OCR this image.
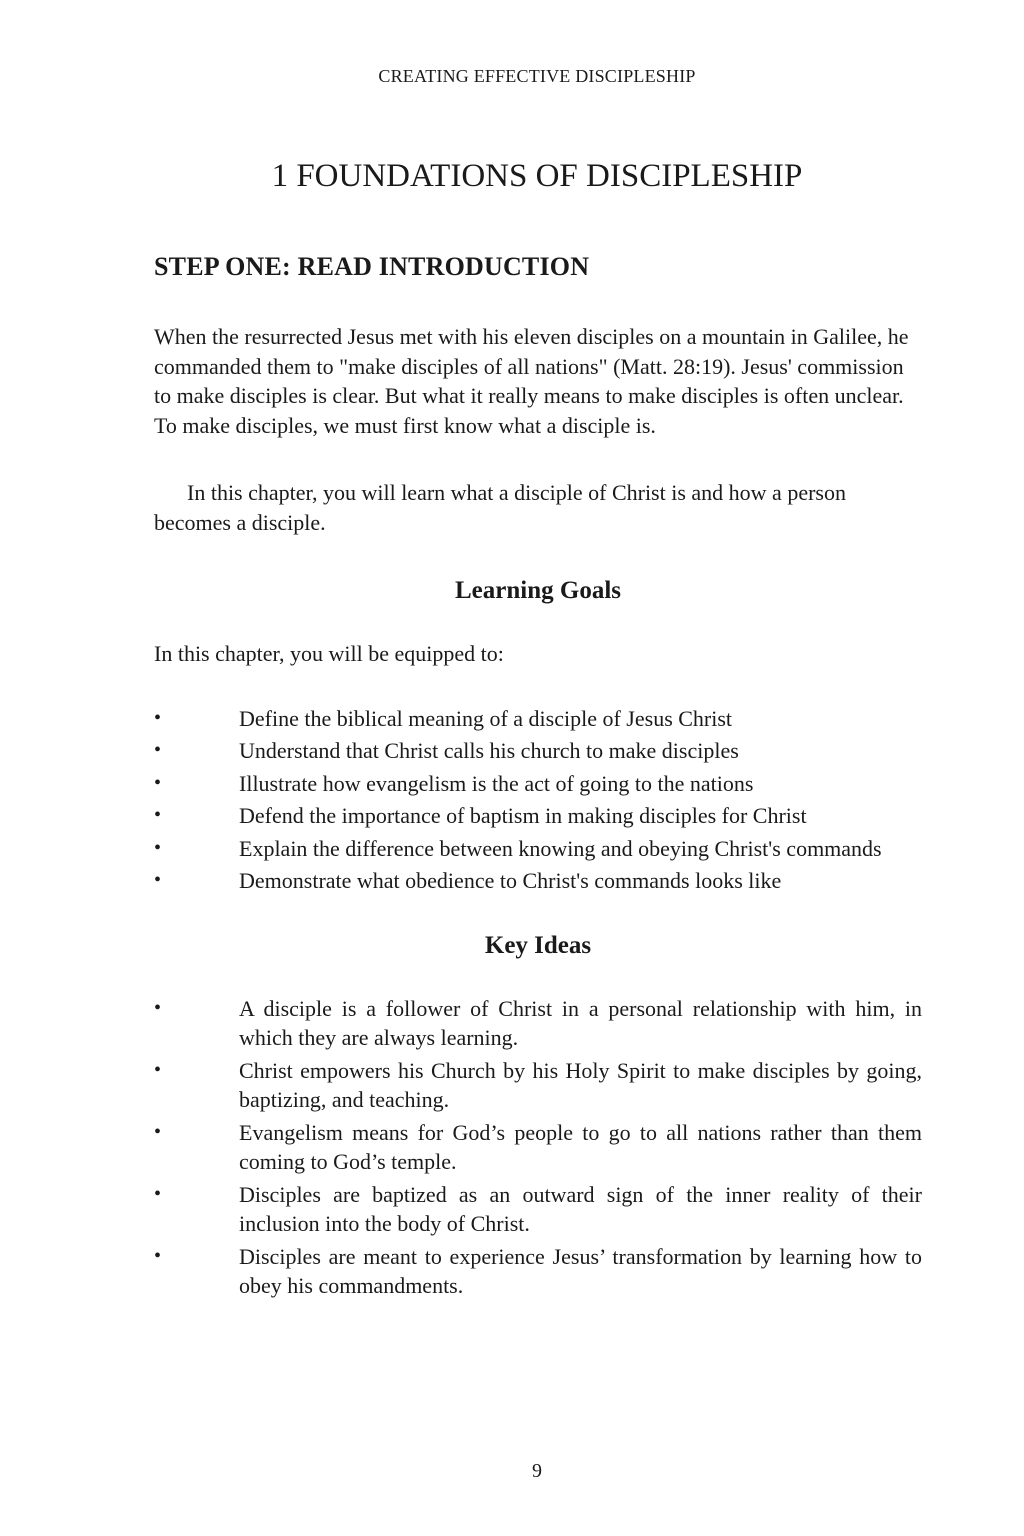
CREATING EFFECTIVE DISCIPLESHIP
1 FOUNDATIONS OF DISCIPLESHIP
STEP ONE: READ INTRODUCTION

When the resurrected Jesus met with his eleven disciples on a mountain in Galilee, he commanded them to "make disciples of all nations" (Matt. 28:19). Jesus' commission to make disciples is clear. But what it really means to make disciples is often unclear. To make disciples, we must first know what a disciple is.

In this chapter, you will learn what a disciple of Christ is and how a person becomes a disciple.

Learning Goals

In this chapter, you will be equipped to:

•	Define the biblical meaning of a disciple of Jesus Christ
•	Understand that Christ calls his church to make disciples
•	Illustrate how evangelism is the act of going to the nations
•	Defend the importance of baptism in making disciples for Christ
•	Explain the difference between knowing and obeying Christ's commands
•	Demonstrate what obedience to Christ's commands looks like
Key Ideas
•	A disciple is a follower of Christ in a personal relationship with him, in which they are always learning.
•	Christ empowers his Church by his Holy Spirit to make disciples by going, baptizing, and teaching.
•	Evangelism means for God’s people to go to all nations rather than them coming to God’s temple.
•	Disciples are baptized as an outward sign of the inner reality of their inclusion into the body of Christ.
•	Disciples are meant to experience Jesus’ transformation by learning how to obey his commandments.
9
